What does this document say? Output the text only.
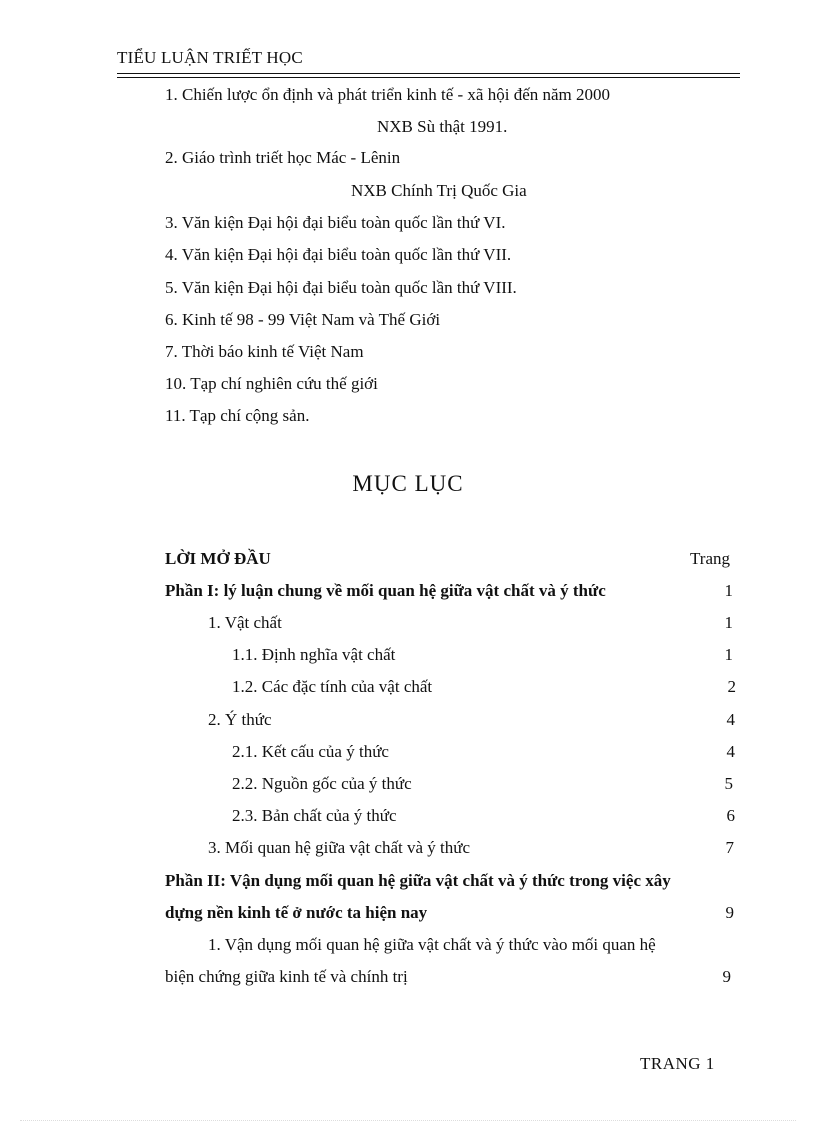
TIỂU LUẬN TRIẾT HỌC
1. Chiến lược ổn định và phát triển kinh tế - xã hội đến năm 2000
NXB Sù thật 1991.
2. Giáo trình triết học Mác - Lênin
NXB Chính Trị Quốc Gia
3. Văn kiện Đại hội đại biểu toàn quốc lần thứ VI.
4. Văn kiện Đại hội đại biểu toàn quốc lần thứ VII.
5. Văn kiện Đại hội đại biểu toàn quốc lần thứ VIII.
6. Kinh tế 98 - 99 Việt Nam và Thế Giới
7. Thời báo kinh tế Việt Nam
10. Tạp chí nghiên cứu thế giới
11. Tạp chí cộng sản.
MỤC LỤC
LỜI MỞ ĐẦU	Trang
Phần I: lý luận chung về mối quan hệ giữa vật chất và ý thức	1
1. Vật chất	1
1.1. Định nghĩa vật chất	1
1.2. Các đặc tính của vật chất	2
2. Ý thức	4
2.1. Kết cấu của ý thức	4
2.2. Nguồn gốc của ý thức	5
2.3. Bản chất của ý thức	6
3. Mối quan hệ giữa vật chất và ý thức	7
Phần II: Vận dụng mối quan hệ giữa vật chất và ý thức trong việc xây
dựng nền kinh tế ở nước ta hiện nay	9
1. Vận dụng mối quan hệ giữa vật chất và ý thức vào mối quan hệ
biện chứng giữa kinh tế và chính trị	9
TRANG 1
